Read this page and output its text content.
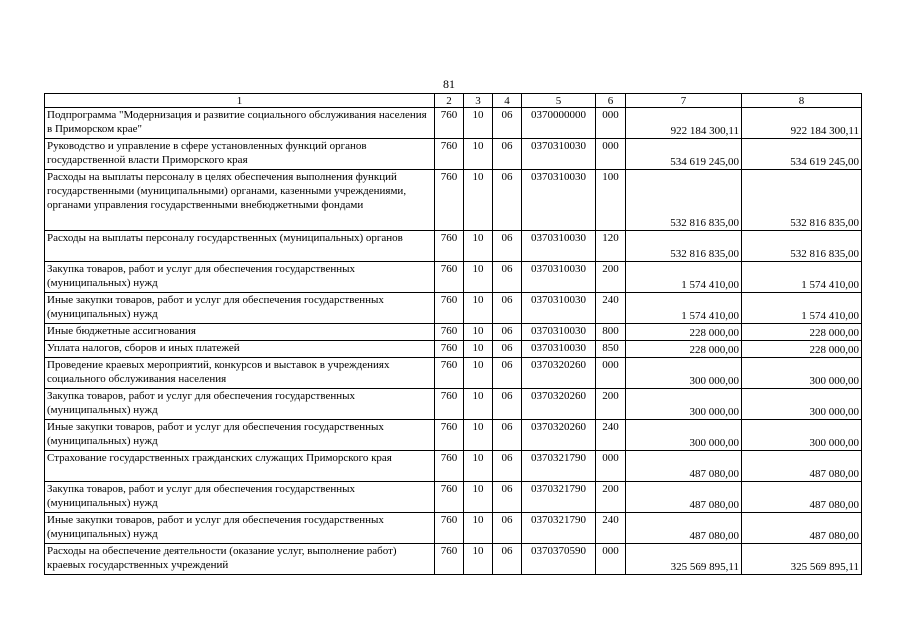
81
1	2	3	4	5	6	7	8
Подпрограмма "Модернизация и развитие социального обслуживания населения в Приморском крае"	760	10	06	0370000000	000	922 184 300,11	922 184 300,11
Руководство и управление в сфере установленных функций органов государственной власти Приморского края	760	10	06	0370310030	000	534 619 245,00	534 619 245,00
Расходы на выплаты персоналу в целях обеспечения выполнения функций государственными (муниципальными) органами, казенными учреждениями, органами управления государственными внебюджетными фондами	760	10	06	0370310030	100	532 816 835,00	532 816 835,00
Расходы на выплаты персоналу государственных (муниципальных) органов	760	10	06	0370310030	120	532 816 835,00	532 816 835,00
Закупка товаров, работ и услуг для обеспечения государственных (муниципальных) нужд	760	10	06	0370310030	200	1 574 410,00	1 574 410,00
Иные закупки товаров, работ и услуг для обеспечения государственных (муниципальных) нужд	760	10	06	0370310030	240	1 574 410,00	1 574 410,00
Иные бюджетные ассигнования	760	10	06	0370310030	800	228 000,00	228 000,00
Уплата налогов, сборов и иных платежей	760	10	06	0370310030	850	228 000,00	228 000,00
Проведение краевых мероприятий, конкурсов и выставок в учреждениях социального обслуживания населения	760	10	06	0370320260	000	300 000,00	300 000,00
Закупка товаров, работ и услуг для обеспечения государственных (муниципальных) нужд	760	10	06	0370320260	200	300 000,00	300 000,00
Иные закупки товаров, работ и услуг для обеспечения государственных (муниципальных) нужд	760	10	06	0370320260	240	300 000,00	300 000,00
Страхование государственных гражданских служащих Приморского края	760	10	06	0370321790	000	487 080,00	487 080,00
Закупка товаров, работ и услуг для обеспечения государственных (муниципальных) нужд	760	10	06	0370321790	200	487 080,00	487 080,00
Иные закупки товаров, работ и услуг для обеспечения государственных (муниципальных) нужд	760	10	06	0370321790	240	487 080,00	487 080,00
Расходы на обеспечение деятельности (оказание услуг, выполнение работ) краевых государственных учреждений	760	10	06	0370370590	000	325 569 895,11	325 569 895,11
